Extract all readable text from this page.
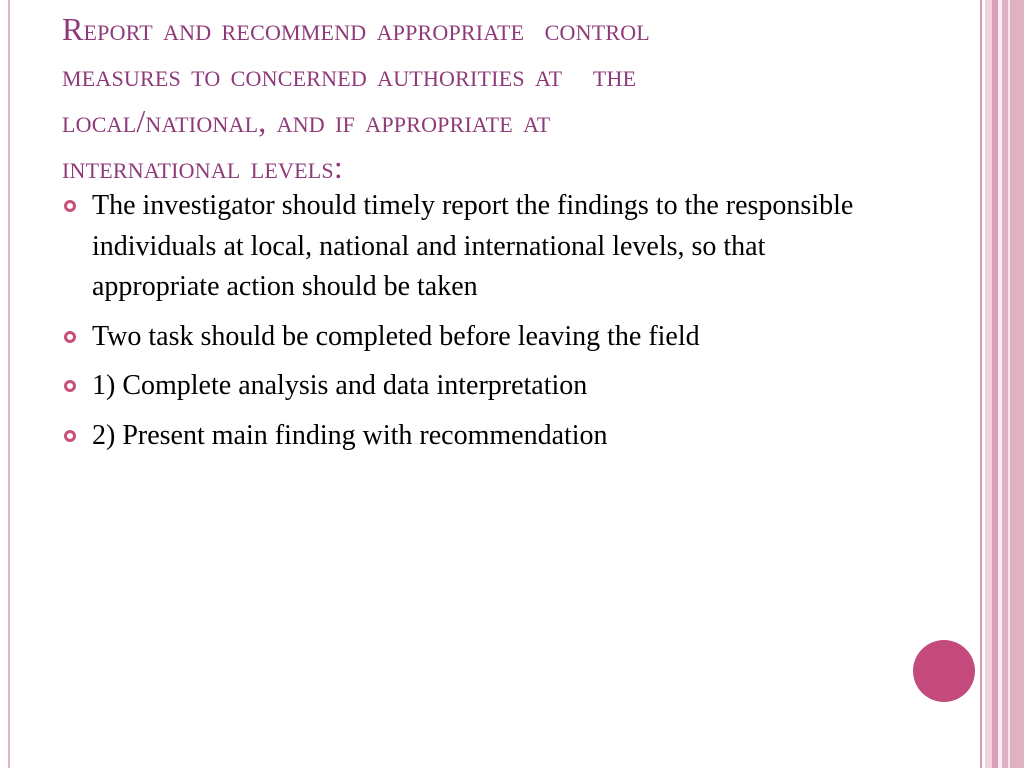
Report and recommend appropriate  control
measures to concerned authorities at   the
local/national, and if appropriate at
international levels:
The investigator should timely report the findings to the responsible individuals at local, national and international levels, so that appropriate action should be taken
Two task should be completed before leaving the field
1) Complete analysis and data interpretation
2) Present main finding with recommendation
